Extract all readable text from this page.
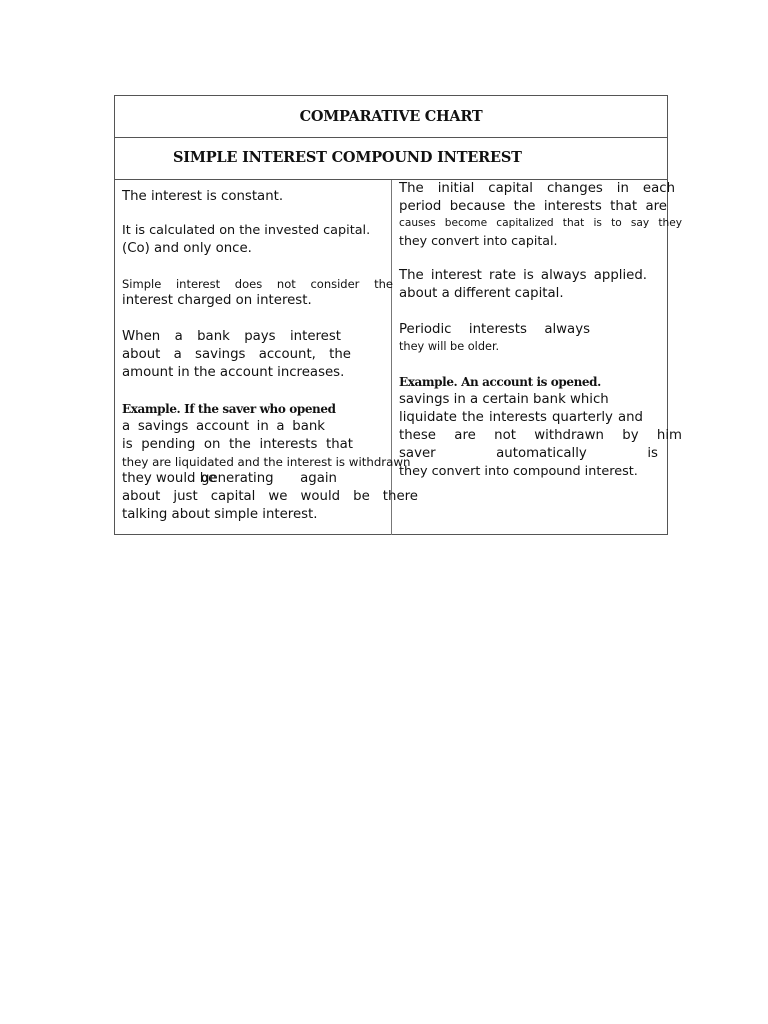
COMPARATIVE CHART
SIMPLE INTEREST COMPOUND INTEREST
The interest is constant.
It is calculated on the invested capital.
(Co) and only once.
Simple interest does not consider the
interest charged on interest.
When a bank pays interest
about a savings account, the
amount in the account increases.
Example. If the saver who opened
a savings account in a bank
is pending on the interests that
they are liquidated and the interest is withdrawn
they would be
generating again
about just capital we would be there
talking about simple interest.
The initial capital changes in each
period because the interests that are
causes become capitalized that is to say they
they convert into capital.
The interest rate is always applied.
about a different capital.
Periodic interests always
they will be older.
Example. An account is opened.
savings in a certain bank which
liquidate the interests quarterly and
these are not withdrawn by him
saver automatically is
they convert into compound interest.
